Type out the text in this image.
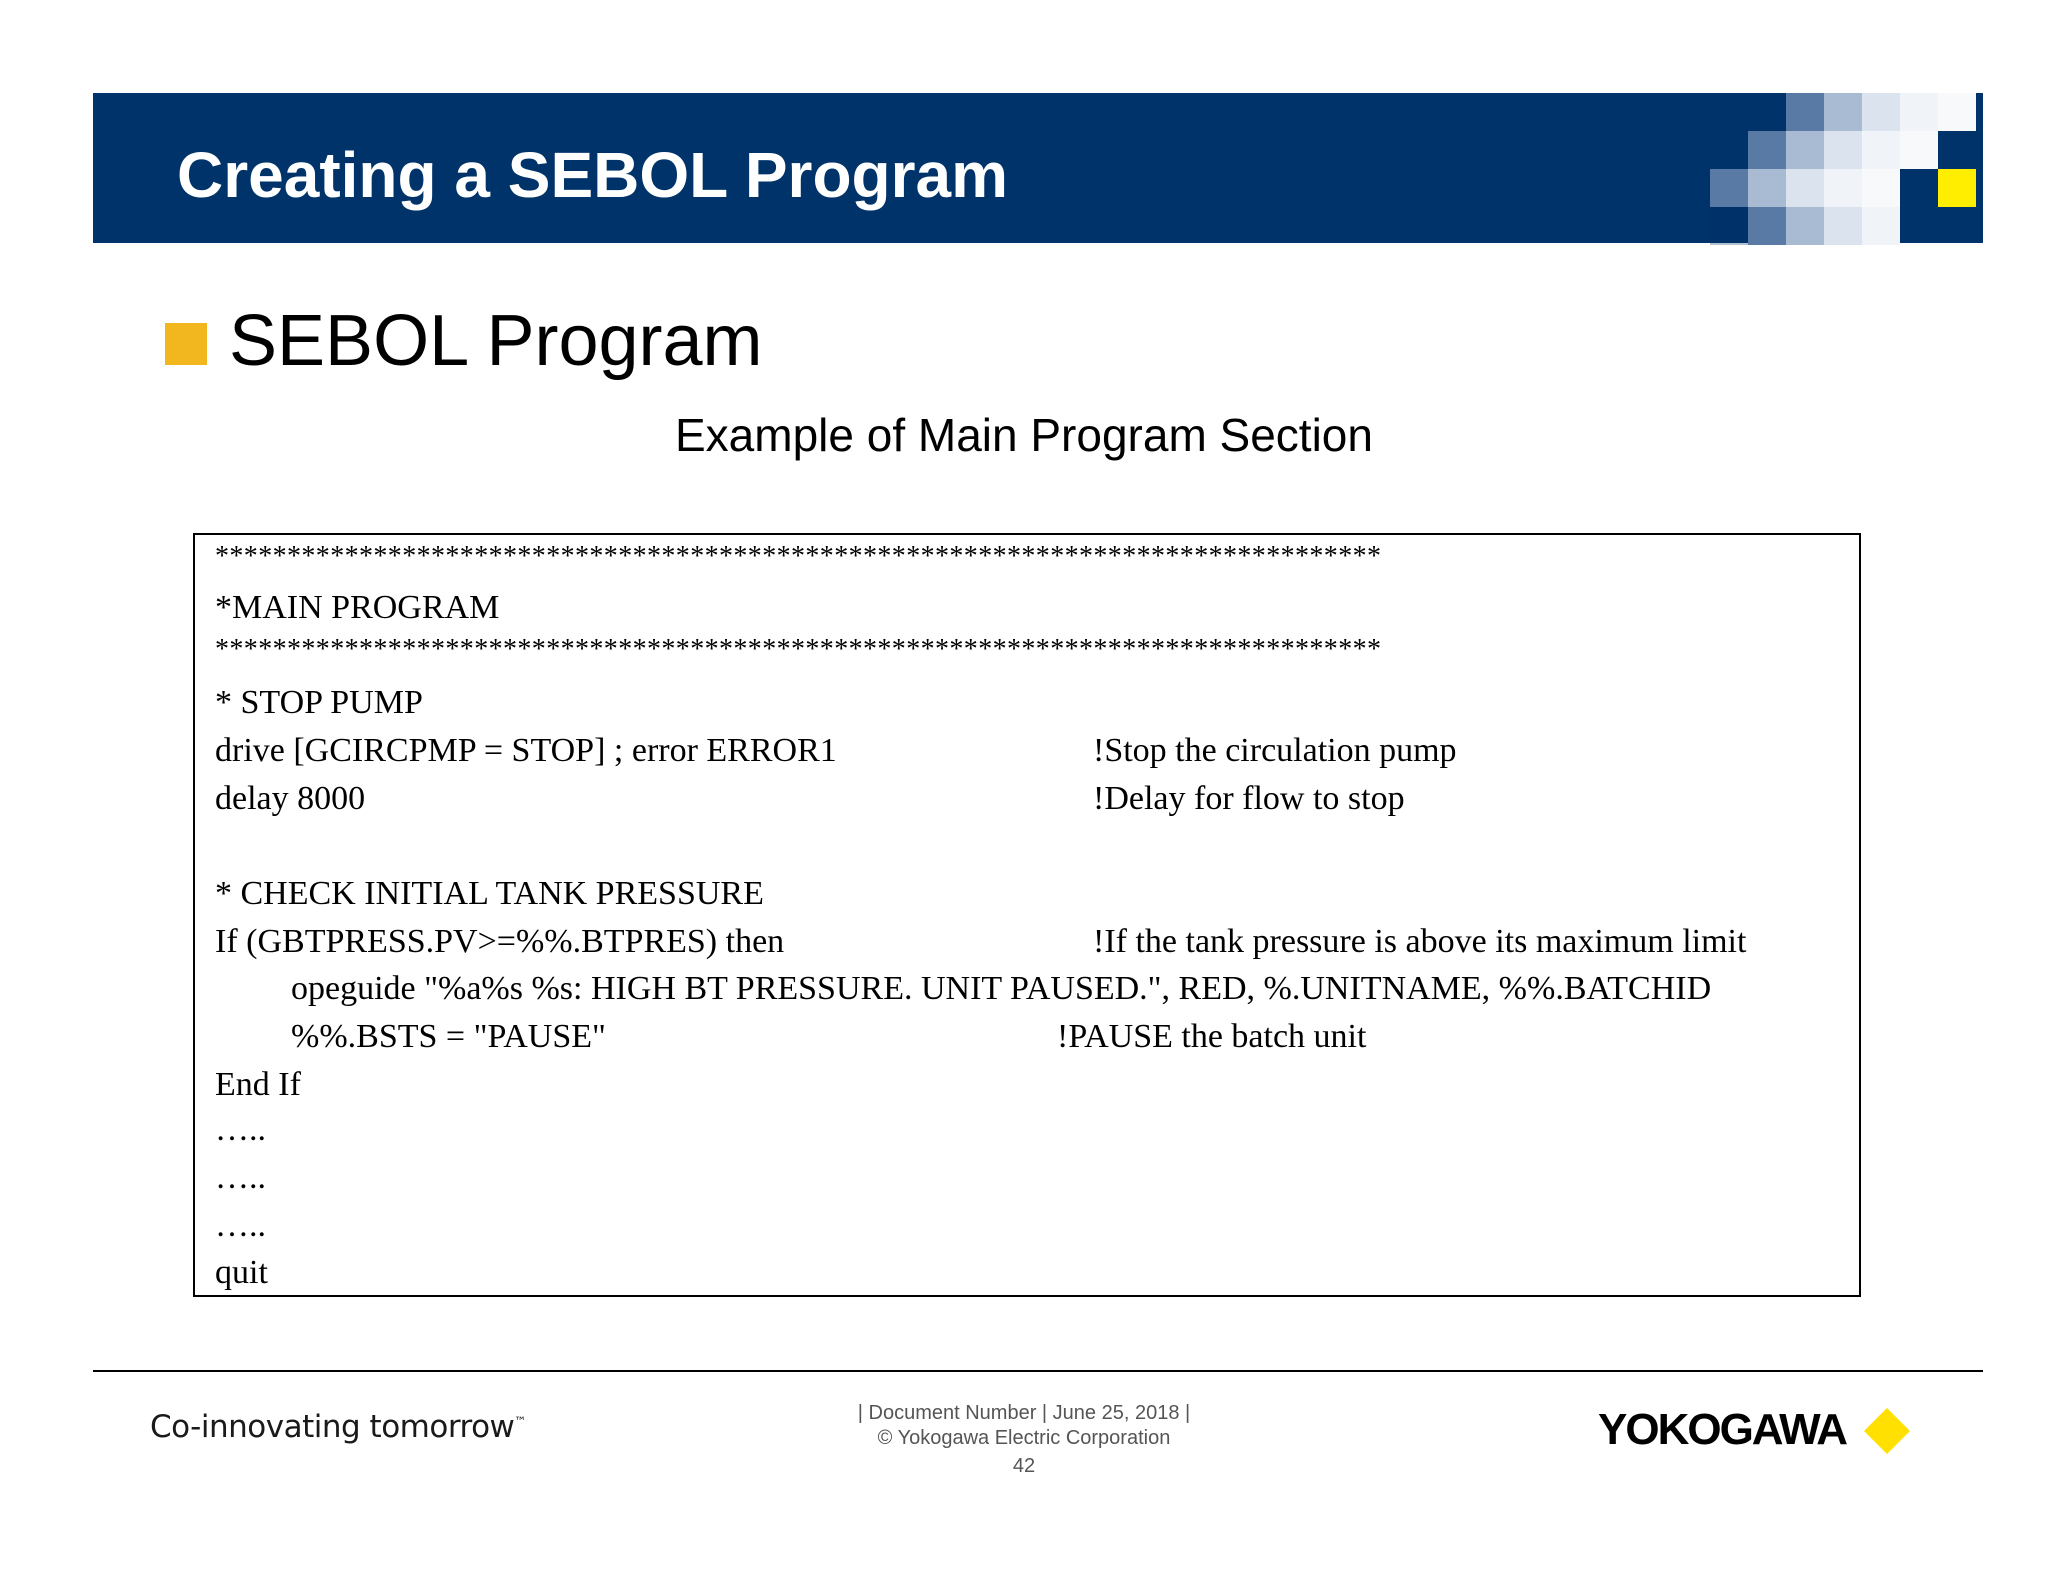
Creating a SEBOL Program
SEBOL Program
Example of Main Program Section
*********************************************************************************
*MAIN PROGRAM
*********************************************************************************
* STOP PUMP
drive [GCIRCPMP = STOP] ; error ERROR1	!Stop the circulation pump
delay 8000	!Delay for flow to stop
* CHECK INITIAL TANK PRESSURE
If (GBTPRESS.PV>=%%.BTPRES) then	!If the tank pressure is above its maximum limit
opeguide "%a%s %s: HIGH BT PRESSURE. UNIT PAUSED.", RED, %.UNITNAME, %%.BATCHID
%%.BSTS = "PAUSE"	!PAUSE the batch unit
End If
…..
…..
…..
quit
Co-innovating tomorrow™	| Document Number | June 25, 2018 |
© Yokogawa Electric Corporation
42
YOKOGAWA
